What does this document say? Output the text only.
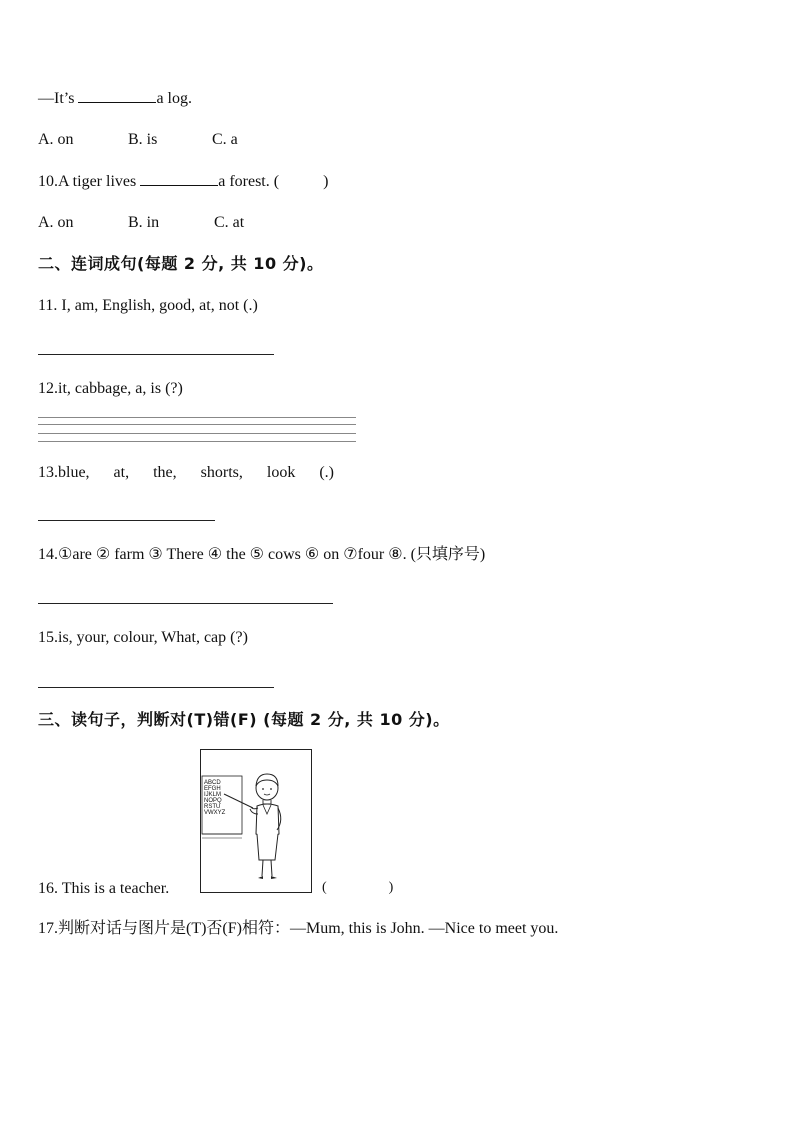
—It’s	a log.
A. on	B. is	C. a
10.A tiger lives	a forest. (	)
A. on	B. in	C. at
二、连词成句(每题 2 分, 共 10 分)。
11. I, am, English, good, at, not (.)
12.it, cabbage, a, is (?)
13.blue, at, the, shorts, look (.)
14.①are ② farm ③ There ④ the ⑤ cows ⑥ on ⑦four ⑧. (只填序号)
15.is, your, colour, What, cap (?)
三、读句子，判断对(T)错(F) (每题 2 分, 共 10 分)。
ABCD
EFGH
IJKLM
NOPQ
RSTU
VWXYZ
16. This is a teacher.	(	)
17.判断对话与图片是(T)否(F)相符：—Mum, this is John. —Nice to meet you.
